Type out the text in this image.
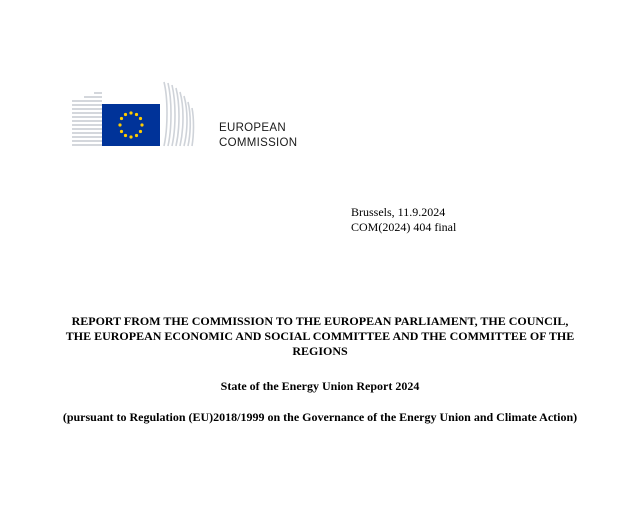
EUROPEAN
COMMISSION
Brussels, 11.9.2024
COM(2024) 404 final
REPORT FROM THE COMMISSION TO THE EUROPEAN PARLIAMENT, THE COUNCIL, THE EUROPEAN ECONOMIC AND SOCIAL COMMITTEE AND THE COMMITTEE OF THE REGIONS
State of the Energy Union Report 2024
(pursuant to Regulation (EU)2018/1999 on the Governance of the Energy Union and Climate Action)
